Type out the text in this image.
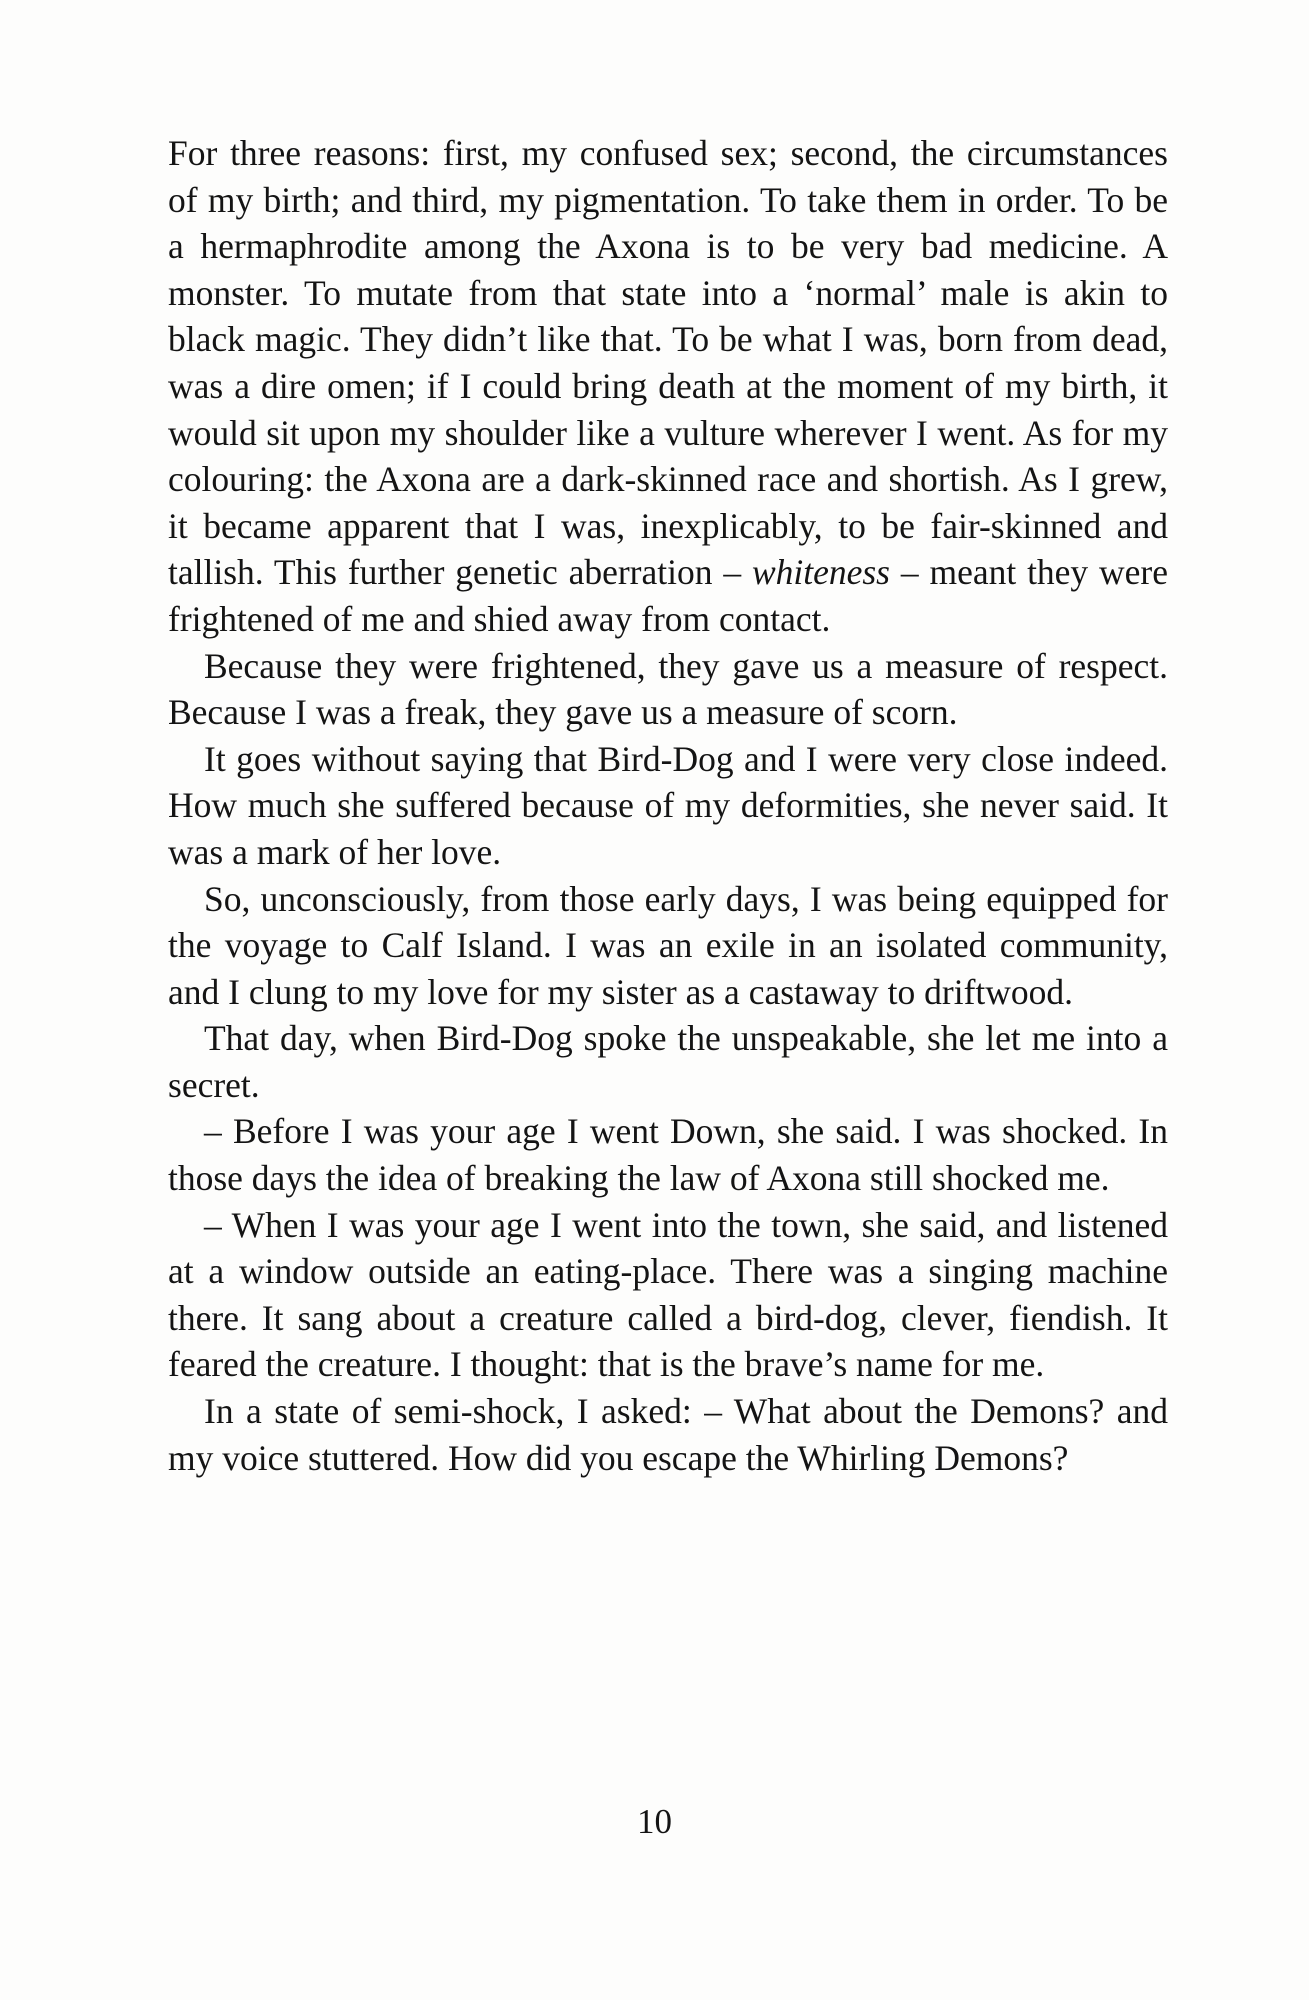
For three reasons: first, my confused sex; second, the circumstances of my birth; and third, my pigmentation. To take them in order. To be a hermaphrodite among the Axona is to be very bad medicine. A monster. To mutate from that state into a ‘normal’ male is akin to black magic. They didn’t like that. To be what I was, born from dead, was a dire omen; if I could bring death at the moment of my birth, it would sit upon my shoulder like a vulture wherever I went. As for my colouring: the Axona are a dark-skinned race and shortish. As I grew, it became apparent that I was, inexplicably, to be fair-skinned and tallish. This further genetic aberration – whiteness – meant they were frightened of me and shied away from contact.

Because they were frightened, they gave us a measure of respect. Because I was a freak, they gave us a measure of scorn.

It goes without saying that Bird-Dog and I were very close indeed. How much she suffered because of my deformities, she never said. It was a mark of her love.

So, unconsciously, from those early days, I was being equipped for the voyage to Calf Island. I was an exile in an isolated community, and I clung to my love for my sister as a castaway to driftwood.

That day, when Bird-Dog spoke the unspeakable, she let me into a secret.

– Before I was your age I went Down, she said. I was shocked. In those days the idea of breaking the law of Axona still shocked me.

– When I was your age I went into the town, she said, and listened at a window outside an eating-place. There was a singing machine there. It sang about a creature called a bird-dog, clever, fiendish. It feared the creature. I thought: that is the brave’s name for me.

In a state of semi-shock, I asked: – What about the Demons? and my voice stuttered. How did you escape the Whirling Demons?

10
